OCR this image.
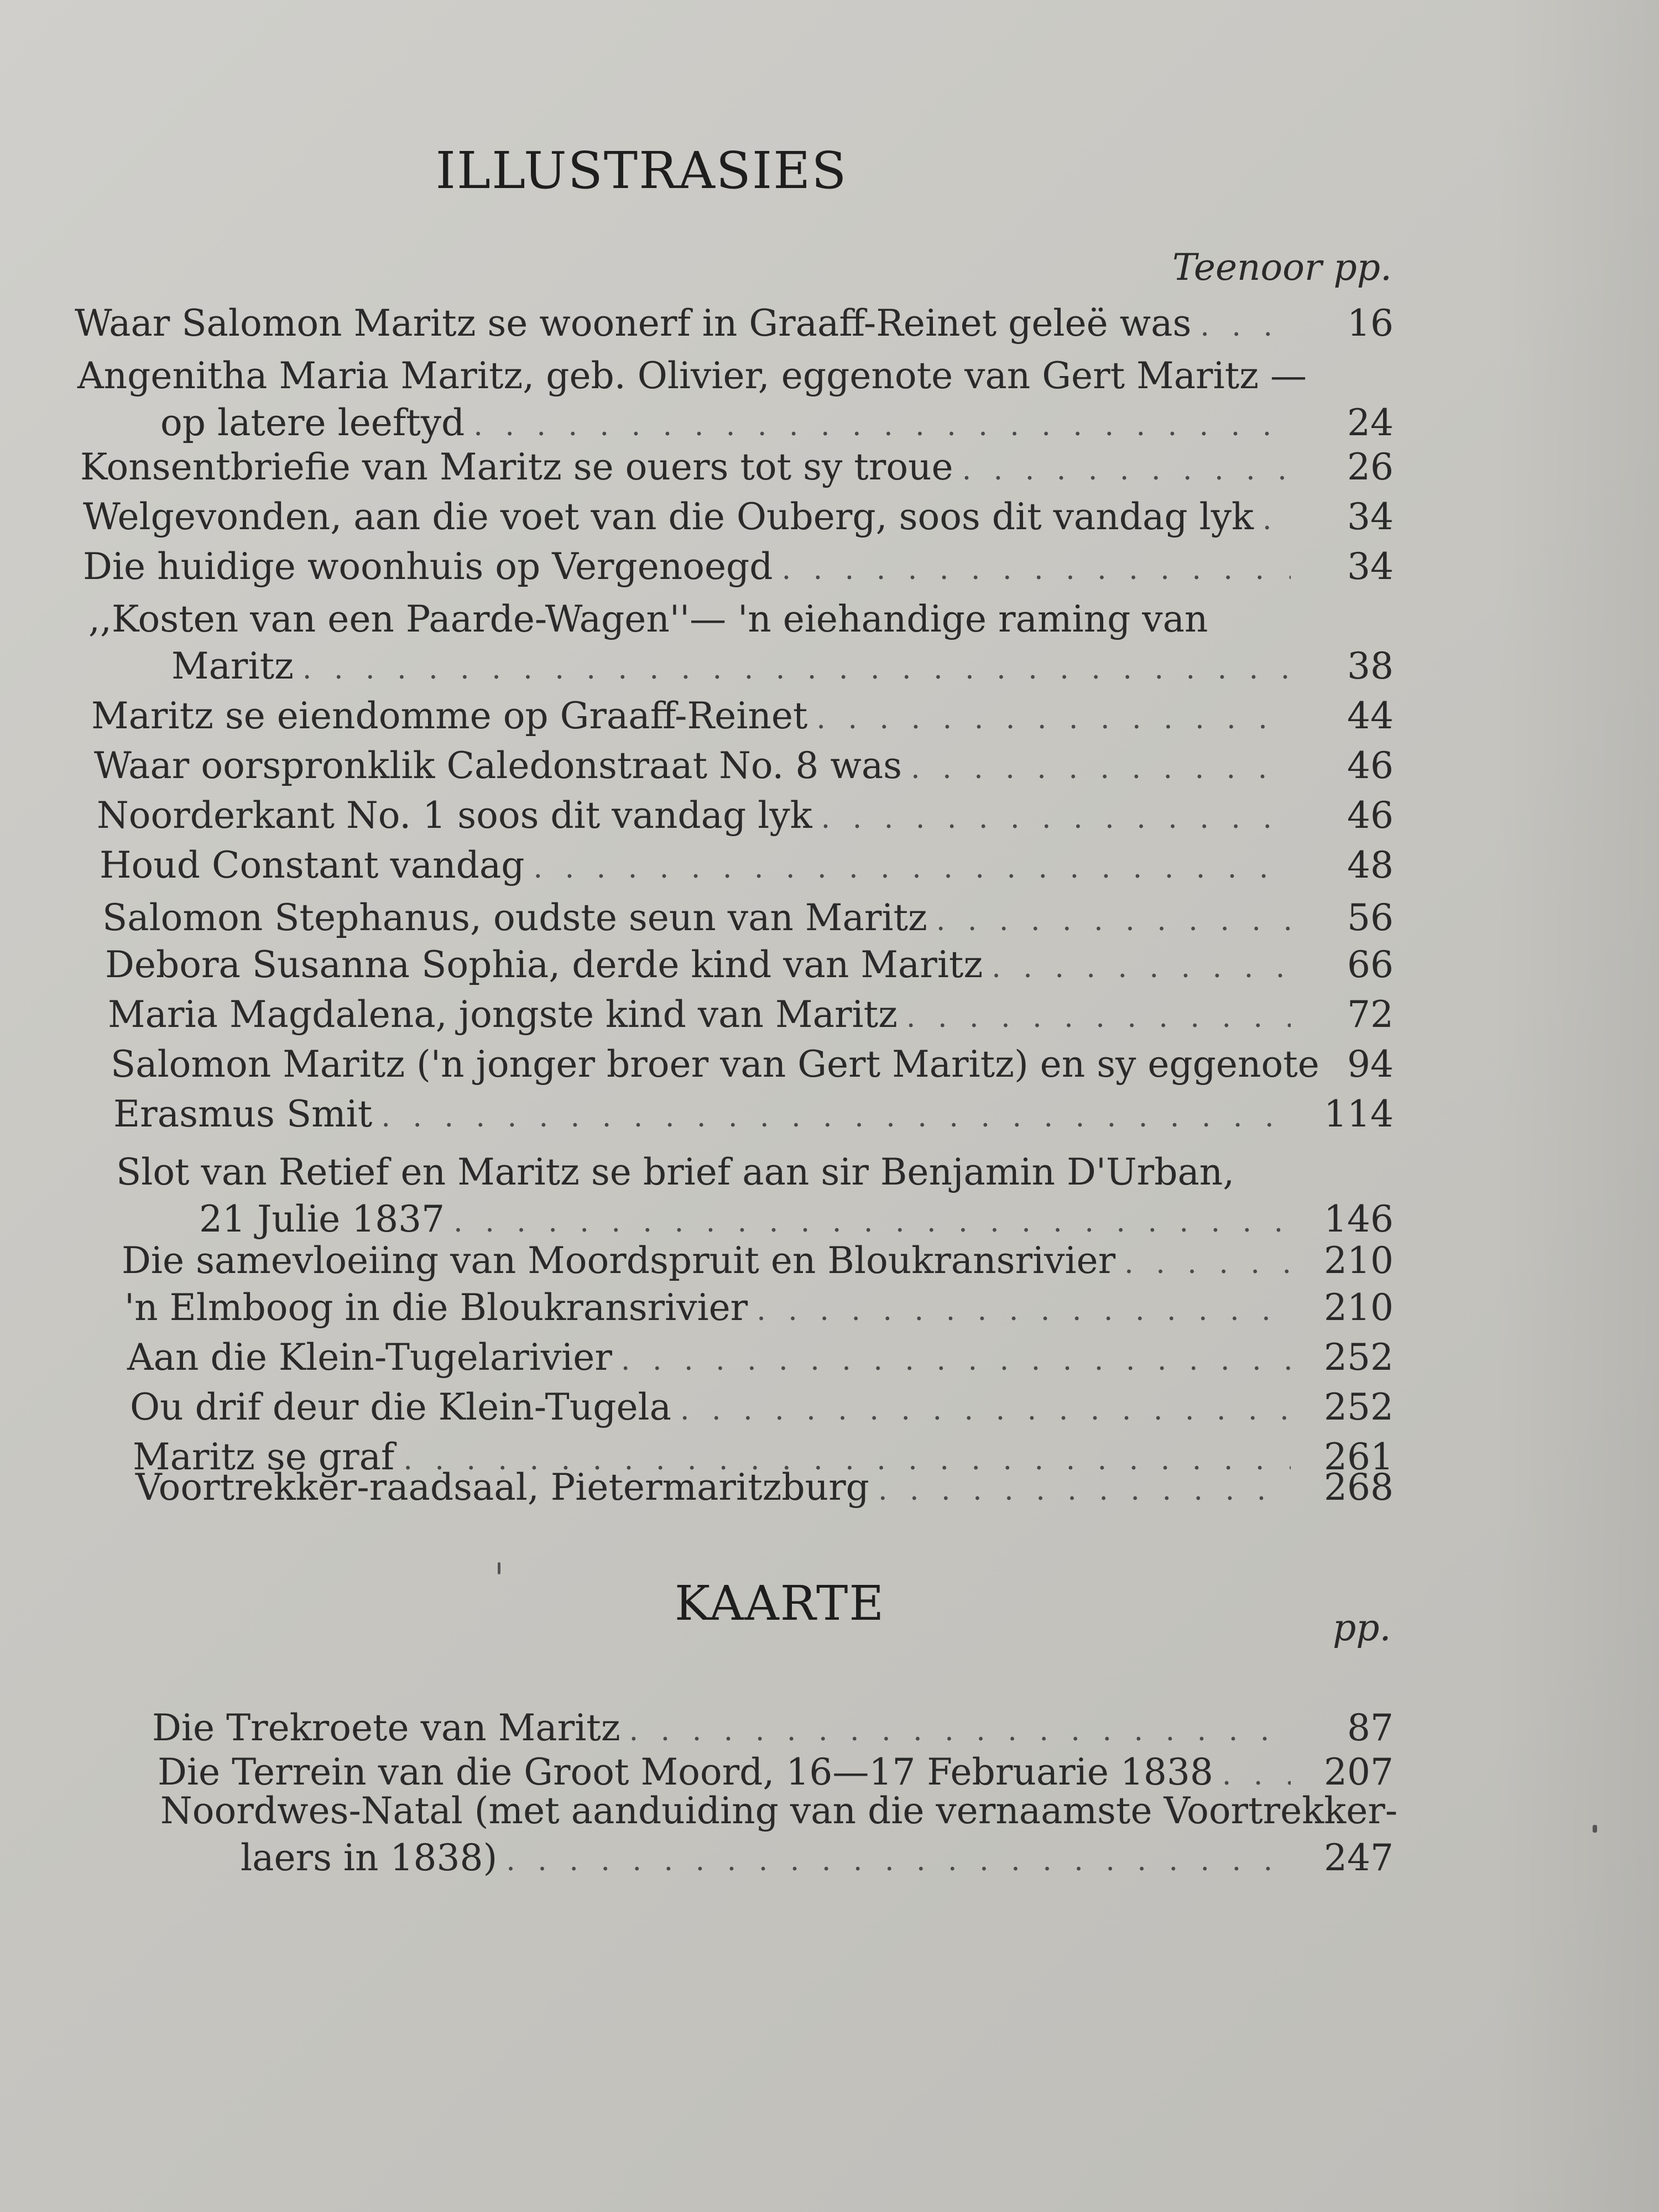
ILLUSTRASIES
Teenoor pp.
Waar Salomon Maritz se woonerf in Graaff-Reinet geleë was . .	16
Angenitha Maria Maritz, geb. Olivier, eggenote van Gert Maritz —
op latere leeftyd . .	24
Konsentbriefie van Maritz se ouers tot sy troue . .	26
Welgevonden, aan die voet van die Ouberg, soos dit vandag lyk . .	34
Die huidige woonhuis op Vergenoegd . .	34
,,Kosten van een Paarde-Wagen''— 'n eiehandige raming van
Maritz . .	38
Maritz se eiendomme op Graaff-Reinet . .	44
Waar oorspronklik Caledonstraat No. 8 was . .	46
Noorderkant No. 1 soos dit vandag lyk . .	46
Houd Constant vandag . .	48
Salomon Stephanus, oudste seun van Maritz . .	56
Debora Susanna Sophia, derde kind van Maritz . .	66
Maria Magdalena, jongste kind van Maritz . .	72
Salomon Maritz ('n jonger broer van Gert Maritz) en sy eggenote 94
Erasmus Smit . .	114
Slot van Retief en Maritz se brief aan sir Benjamin D'Urban,
21 Julie 1837 . .	146
Die samevloeiing van Moordspruit en Bloukransrivier . .	210
'n Elmboog in die Bloukransrivier . .	210
Aan die Klein-Tugelarivier . .	252
Ou drif deur die Klein-Tugela . .	252
Maritz se graf . .	261
Voortrekker-raadsaal, Pietermaritzburg . .	268
KAARTE	pp.
Die Trekroete van Maritz . .	87
Die Terrein van die Groot Moord, 16—17 Februarie 1838 . .	207
Noordwes-Natal (met aanduiding van die vernaamste Voortrekker-
laers in 1838) . .	247
